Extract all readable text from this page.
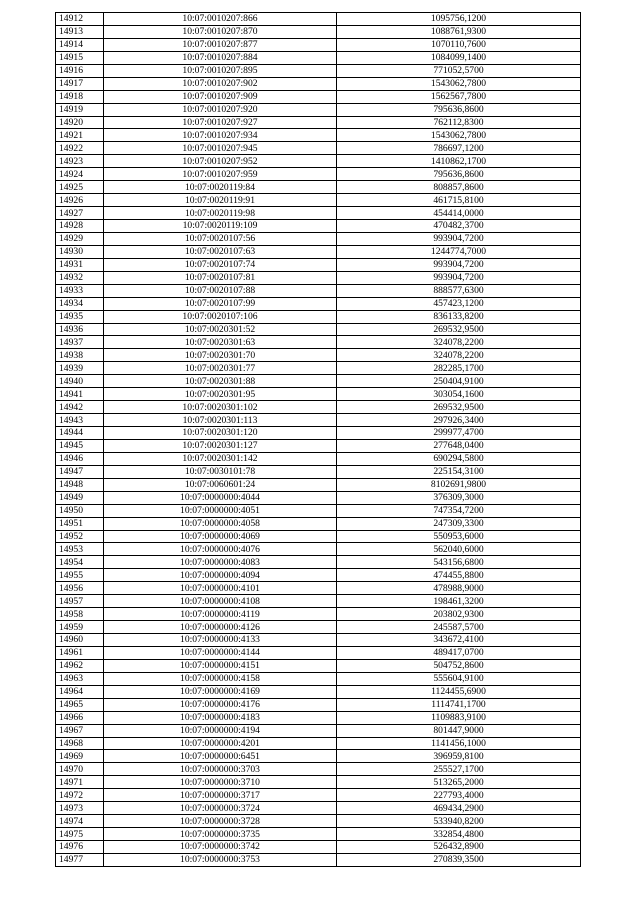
14912	10:07:0010207:866	1095756,1200
14913	10:07:0010207:870	1088761,9300
14914	10:07:0010207:877	1070110,7600
14915	10:07:0010207:884	1084099,1400
14916	10:07:0010207:895	771052,5700
14917	10:07:0010207:902	1543062,7800
14918	10:07:0010207:909	1562567,7800
14919	10:07:0010207:920	795636,8600
14920	10:07:0010207:927	762112,8300
14921	10:07:0010207:934	1543062,7800
14922	10:07:0010207:945	786697,1200
14923	10:07:0010207:952	1410862,1700
14924	10:07:0010207:959	795636,8600
14925	10:07:0020119:84	808857,8600
14926	10:07:0020119:91	461715,8100
14927	10:07:0020119:98	454414,0000
14928	10:07:0020119:109	470482,3700
14929	10:07:0020107:56	993904,7200
14930	10:07:0020107:63	1244774,7000
14931	10:07:0020107:74	993904,7200
14932	10:07:0020107:81	993904,7200
14933	10:07:0020107:88	888577,6300
14934	10:07:0020107:99	457423,1200
14935	10:07:0020107:106	836133,8200
14936	10:07:0020301:52	269532,9500
14937	10:07:0020301:63	324078,2200
14938	10:07:0020301:70	324078,2200
14939	10:07:0020301:77	282285,1700
14940	10:07:0020301:88	250404,9100
14941	10:07:0020301:95	303054,1600
14942	10:07:0020301:102	269532,9500
14943	10:07:0020301:113	297926,3400
14944	10:07:0020301:120	299977,4700
14945	10:07:0020301:127	277648,0400
14946	10:07:0020301:142	690294,5800
14947	10:07:0030101:78	225154,3100
14948	10:07:0060601:24	8102691,9800
14949	10:07:0000000:4044	376309,3000
14950	10:07:0000000:4051	747354,7200
14951	10:07:0000000:4058	247309,3300
14952	10:07:0000000:4069	550953,6000
14953	10:07:0000000:4076	562040,6000
14954	10:07:0000000:4083	543156,6800
14955	10:07:0000000:4094	474455,8800
14956	10:07:0000000:4101	478988,9000
14957	10:07:0000000:4108	198461,3200
14958	10:07:0000000:4119	203802,9300
14959	10:07:0000000:4126	245587,5700
14960	10:07:0000000:4133	343672,4100
14961	10:07:0000000:4144	489417,0700
14962	10:07:0000000:4151	504752,8600
14963	10:07:0000000:4158	555604,9100
14964	10:07:0000000:4169	1124455,6900
14965	10:07:0000000:4176	1114741,1700
14966	10:07:0000000:4183	1109883,9100
14967	10:07:0000000:4194	801447,9000
14968	10:07:0000000:4201	1141456,1000
14969	10:07:0000000:6451	396959,8100
14970	10:07:0000000:3703	255527,1700
14971	10:07:0000000:3710	513265,2000
14972	10:07:0000000:3717	227793,4000
14973	10:07:0000000:3724	469434,2900
14974	10:07:0000000:3728	533940,8200
14975	10:07:0000000:3735	332854,4800
14976	10:07:0000000:3742	526432,8900
14977	10:07:0000000:3753	270839,3500
